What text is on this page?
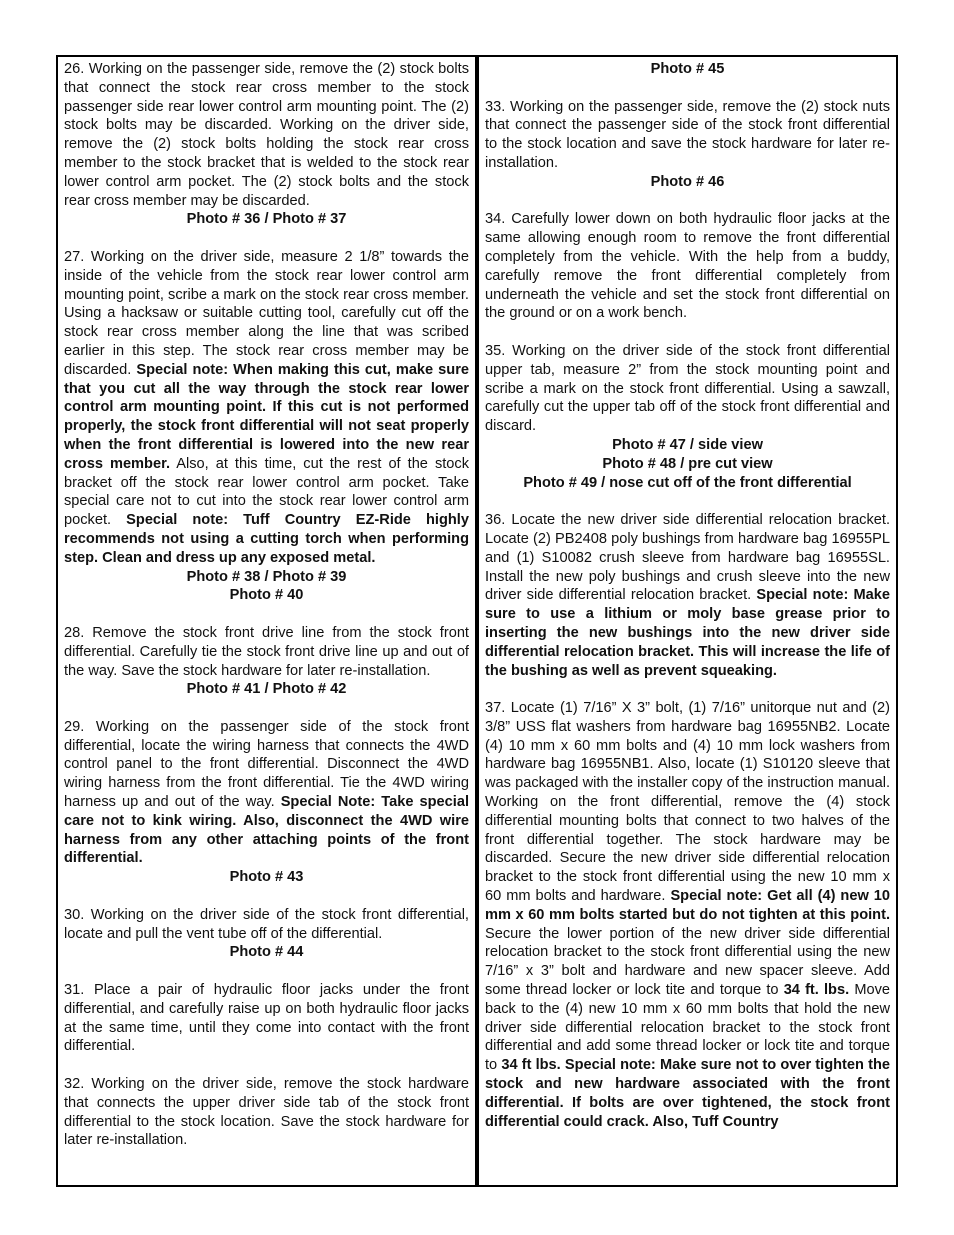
26. Working on the passenger side, remove the (2) stock bolts that connect the stock rear cross member to the stock passenger side rear lower control arm mounting point. The (2) stock bolts may be discarded. Working on the driver side, remove the (2) stock bolts holding the stock rear cross member to the stock bracket that is welded to the stock rear lower control arm pocket. The (2) stock bolts and the stock rear cross member may be discarded.

Photo # 36 / Photo # 37

27. Working on the driver side, measure 2 1/8” towards the inside of the vehicle from the stock rear lower control arm mounting point, scribe a mark on the stock rear cross member. Using a hacksaw or suitable cutting tool, carefully cut off the stock rear cross member along the line that was scribed earlier in this step. The stock rear cross member may be discarded. Special note: When making this cut, make sure that you cut all the way through the stock rear lower control arm mounting point. If this cut is not performed properly, the stock front differential will not seat properly when the front differential is lowered into the new rear cross member. Also, at this time, cut the rest of the stock bracket off the stock rear lower control arm pocket. Take special care not to cut into the stock rear lower control arm pocket. Special note: Tuff Country EZ-Ride highly recommends not using a cutting torch when performing step. Clean and dress up any exposed metal.

Photo # 38 / Photo # 39

Photo # 40

28. Remove the stock front drive line from the stock front differential. Carefully tie the stock front drive line up and out of the way. Save the stock hardware for later re-installation.

Photo # 41 / Photo # 42

29. Working on the passenger side of the stock front differential, locate the wiring harness that connects the 4WD control panel to the front differential. Disconnect the 4WD wiring harness from the front differential. Tie the 4WD wiring harness up and out of the way. Special Note: Take special care not to kink wiring. Also, disconnect the 4WD wire harness from any other attaching points of the front differential.

Photo # 43

30. Working on the driver side of the stock front differential, locate and pull the vent tube off of the differential.

Photo # 44

31. Place a pair of hydraulic floor jacks under the front differential, and carefully raise up on both hydraulic floor jacks at the same time, until they come into contact with the front differential.

32. Working on the driver side, remove the stock hardware that connects the upper driver side tab of the stock front differential to the stock location. Save the stock hardware for later re-installation.

Photo # 45

33. Working on the passenger side, remove the (2) stock nuts that connect the passenger side of the stock front differential to the stock location and save the stock hardware for later re-installation.

Photo # 46

34. Carefully lower down on both hydraulic floor jacks at the same allowing enough room to remove the front differential completely from the vehicle. With the help from a buddy, carefully remove the front differential completely from underneath the vehicle and set the stock front differential on the ground or on a work bench.

35. Working on the driver side of the stock front differential upper tab, measure 2” from the stock mounting point and scribe a mark on the stock front differential. Using a sawzall, carefully cut the upper tab off of the stock front differential and discard.

Photo # 47 / side view

Photo # 48 / pre cut view

Photo # 49 / nose cut off of the front differential

36. Locate the new driver side differential relocation bracket. Locate (2) PB2408 poly bushings from hardware bag 16955PL and (1) S10082 crush sleeve from hardware bag 16955SL. Install the new poly bushings and crush sleeve into the new driver side differential relocation bracket. Special note: Make sure to use a lithium or moly base grease prior to inserting the new bushings into the new driver side differential relocation bracket. This will increase the life of the bushing as well as prevent squeaking.

37. Locate (1) 7/16” X 3” bolt, (1) 7/16” unitorque nut and (2) 3/8” USS flat washers from hardware bag 16955NB2. Locate (4) 10 mm x 60 mm bolts and (4) 10 mm lock washers from hardware bag 16955NB1. Also, locate (1) S10120 sleeve that was packaged with the installer copy of the instruction manual. Working on the front differential, remove the (4) stock differential mounting bolts that connect to two halves of the front differential together. The stock hardware may be discarded. Secure the new driver side differential relocation bracket to the stock front differential using the new 10 mm x 60 mm bolts and hardware. Special note: Get all (4) new 10 mm x 60 mm bolts started but do not tighten at this point. Secure the lower portion of the new driver side differential relocation bracket to the stock front differential using the new 7/16” x 3” bolt and hardware and new spacer sleeve. Add some thread locker or lock tite and torque to 34 ft. lbs. Move back to the (4) new 10 mm x 60 mm bolts that hold the new driver side differential relocation bracket to the stock front differential and add some thread locker or lock tite and torque to 34 ft lbs. Special note: Make sure not to over tighten the stock and new hardware associated with the front differential. If bolts are over tightened, the stock front differential could crack. Also, Tuff Country
